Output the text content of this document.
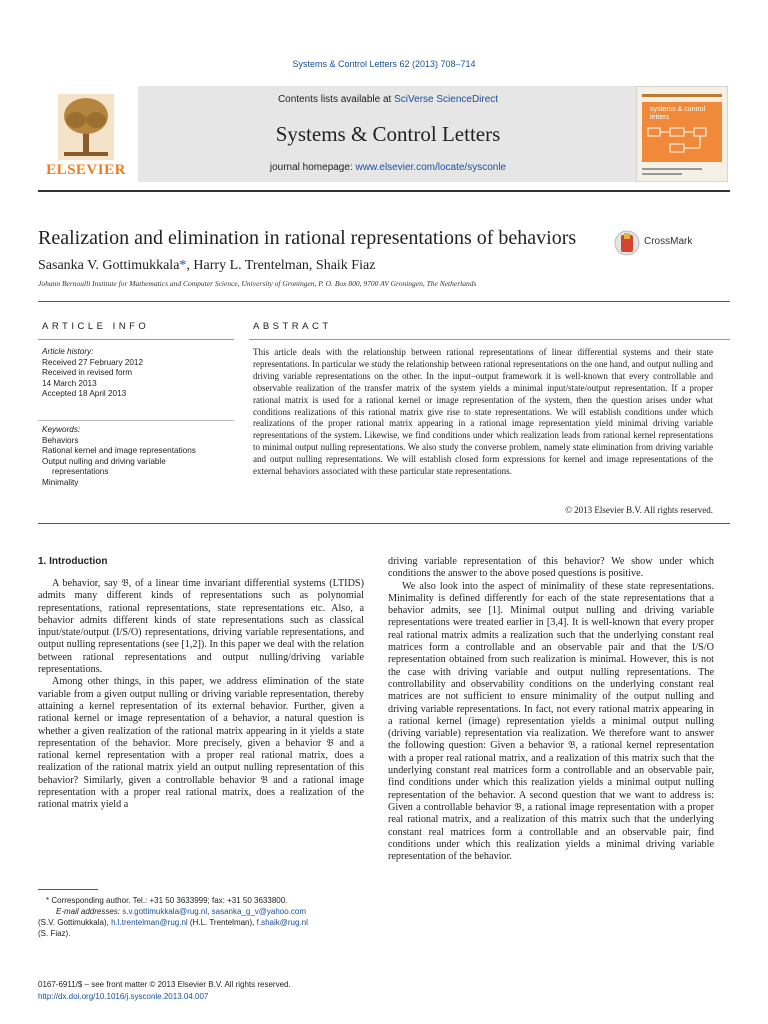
Systems & Control Letters 62 (2013) 708–714
ELSEVIER
Contents lists available at SciVerse ScienceDirect
Systems & Control Letters
journal homepage: www.elsevier.com/locate/sysconle
systems & control letters
Realization and elimination in rational representations of behaviors	CrossMark
Sasanka V. Gottimukkala*, Harry L. Trentelman, Shaik Fiaz
Johann Bernoulli Institute for Mathematics and Computer Science, University of Groningen, P. O. Box 800, 9700 AV Groningen, The Netherlands
ARTICLE INFO
Article history:
Received 27 February 2012
Received in revised form
14 March 2013
Accepted 18 April 2013
Keywords:
Behaviors
Rational kernel and image representations
Output nulling and driving variable
representations
Minimality
ABSTRACT
This article deals with the relationship between rational representations of linear differential systems and their state representations. In particular we study the relationship between rational representations on the one hand, and output nulling and driving variable representations on the other. In the input–output framework it is well-known that every controllable and observable realization of the transfer matrix of the system yields a minimal input/state/output representation. If a proper rational matrix is used for a rational kernel or image representation of the system, then the question arises under what conditions realizations of this rational matrix give rise to state representations. We will establish conditions under which realizations of the proper rational matrix appearing in a rational image representation yield minimal driving variable representations of the system. Likewise, we find conditions under which realization leads from rational kernel representations to minimal output nulling representations. We also study the converse problem, namely state elimination from driving variable and output nulling representations. We will establish closed form expressions for kernel and image representations of the external behaviors associated with these particular state representations.
© 2013 Elsevier B.V. All rights reserved.
1. Introduction

A behavior, say 𝔅, of a linear time invariant differential systems (LTIDS) admits many different kinds of representations such as polynomial representations, rational representations, state representations etc. Also, a behavior admits different kinds of state representations such as classical input/state/output (I/S/O) representations, driving variable representations, and output nulling representations (see [1,2]). In this paper we deal with the relation between rational representations and output nulling/driving variable representations.

Among other things, in this paper, we address elimination of the state variable from a given output nulling or driving variable representation, thereby attaining a kernel representation of its external behavior. Further, given a rational kernel or image representation of a behavior, a natural question is whether a given realization of the rational matrix appearing in it yields a state representation of the behavior. More precisely, given a behavior 𝔅 and a rational kernel representation with a proper real rational matrix, does a realization of the rational matrix yield an output nulling representation of this behavior? Similarly, given a controllable behavior 𝔅 and a rational image representation with a proper real rational matrix, does a realization of the rational matrix yield a

driving variable representation of this behavior? We show under which conditions the answer to the above posed questions is positive.

We also look into the aspect of minimality of these state representations. Minimality is defined differently for each of the state representations that a behavior admits, see [1]. Minimal output nulling and driving variable representations were treated earlier in [3,4]. It is well-known that every proper real rational matrix admits a realization such that the underlying constant real matrices form a controllable and an observable pair and that the I/S/O representation obtained from such realization is minimal. However, this is not the case with driving variable and output nulling representations. The controllability and observability conditions on the underlying constant real matrices are not sufficient to ensure minimality of the output nulling and driving variable representations. In fact, not every rational matrix appearing in a rational kernel (image) representation yields a minimal output nulling (driving variable) representation via realization. We therefore want to answer the following question: Given a behavior 𝔅, a rational kernel representation with a proper real rational matrix, and a realization of this matrix such that the underlying constant real matrices form a controllable and an observable pair, find conditions under which this realization yields a minimal output nulling representation of the behavior. A second question that we want to address is: Given a controllable behavior 𝔅, a rational image representation with a proper real rational matrix, and a realization of this matrix such that the underlying constant real matrices form a controllable and an observable pair, find conditions under which this realization yields a minimal driving variable representation of the behavior.

* Corresponding author. Tel.: +31 50 3633999; fax: +31 50 3633800.
E-mail addresses: s.v.gottimukkala@rug.nl, sasanka_g_v@yahoo.com
(S.V. Gottimukkala), h.l.trentelman@rug.nl (H.L. Trentelman), f.shaik@rug.nl
(S. Fiaz).
0167-6911/$ – see front matter © 2013 Elsevier B.V. All rights reserved.
http://dx.doi.org/10.1016/j.sysconle.2013.04.007
